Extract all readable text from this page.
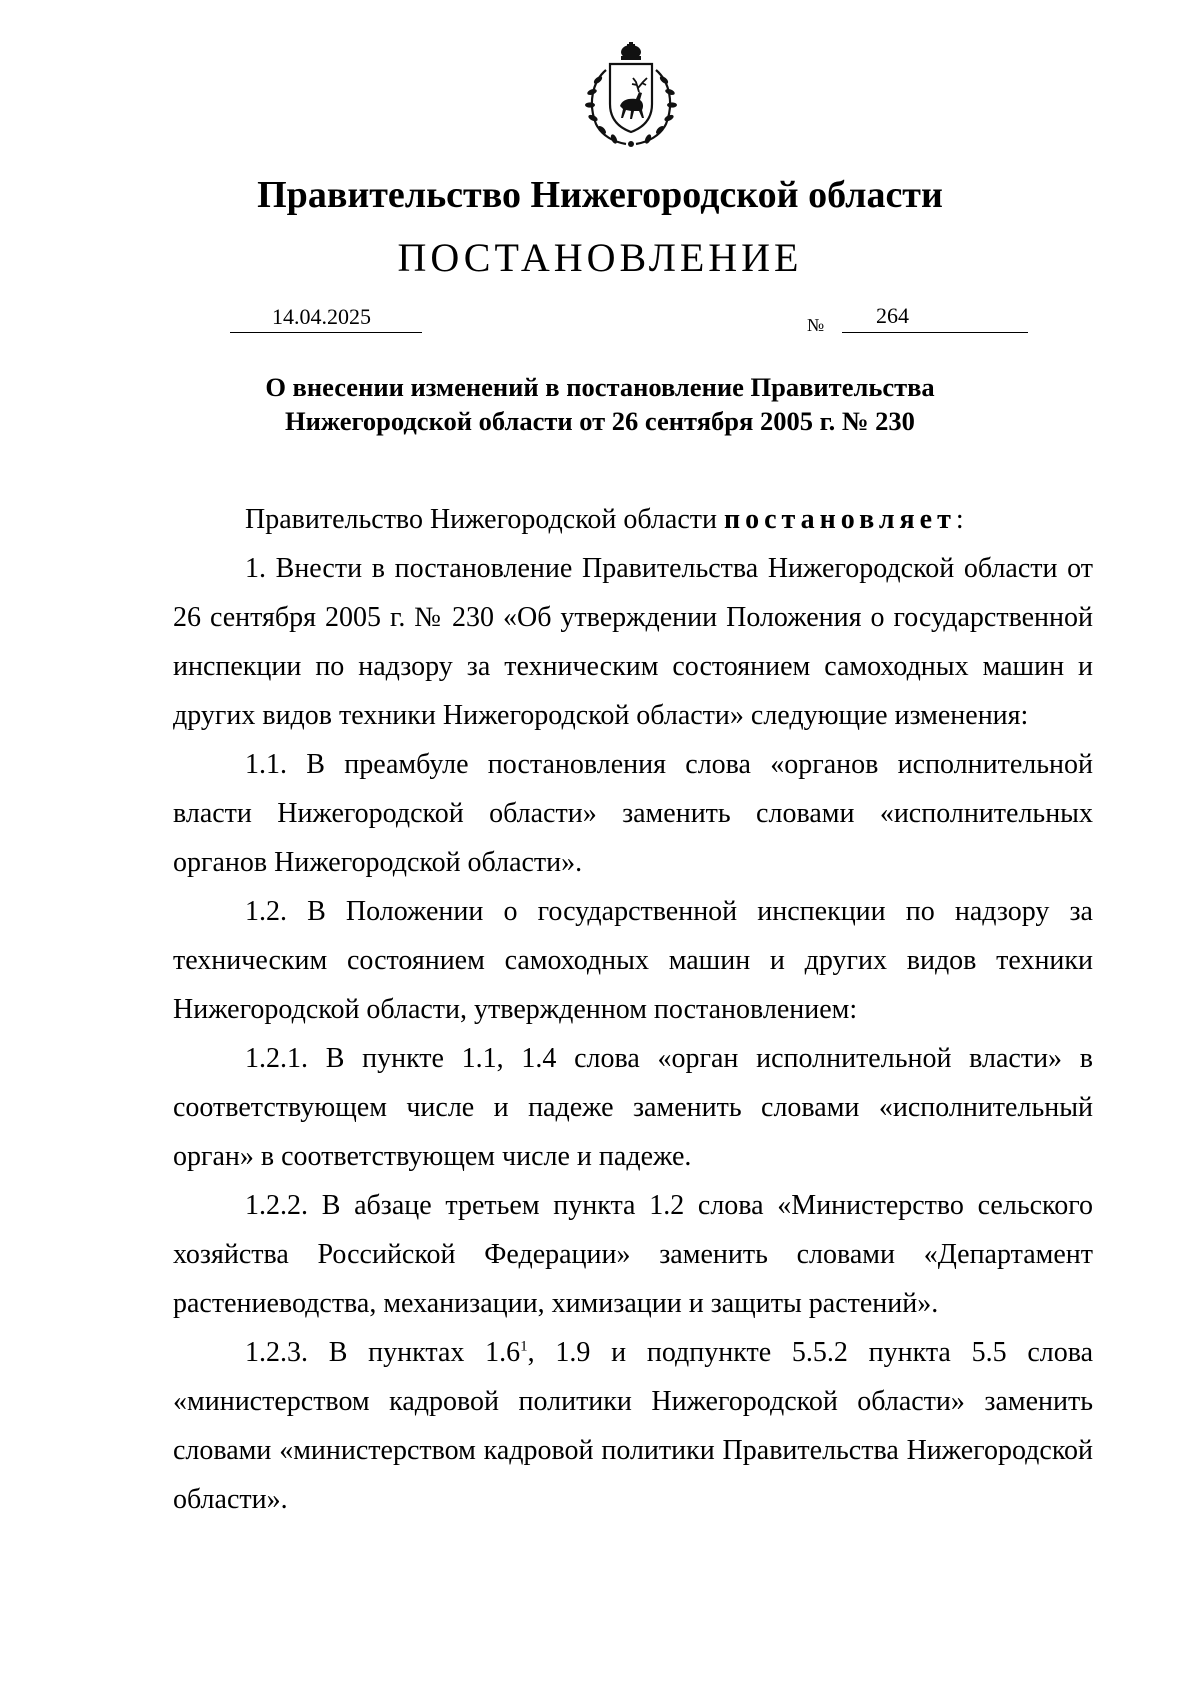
Правительство Нижегородской области
ПОСТАНОВЛЕНИЕ
14.04.2025	№ 264
О внесении изменений в постановление Правительства
Нижегородской области от 26 сентября 2005 г. № 230

Правительство Нижегородской области постановляет:

1. Внести в постановление Правительства Нижегородской области от 26 сентября 2005 г. № 230 «Об утверждении Положения о государственной инспекции по надзору за техническим состоянием самоходных машин и других видов техники Нижегородской области» следующие изменения:

1.1. В преамбуле постановления слова «органов исполнительной власти Нижегородской области» заменить словами «исполнительных органов Нижегородской области».

1.2. В Положении о государственной инспекции по надзору за техническим состоянием самоходных машин и других видов техники Нижегородской области, утвержденном постановлением:

1.2.1. В пункте 1.1, 1.4 слова «орган исполнительной власти» в соответствующем числе и падеже заменить словами «исполнительный орган» в соответствующем числе и падеже.

1.2.2. В абзаце третьем пункта 1.2 слова «Министерство сельского хозяйства Российской Федерации» заменить словами «Департамент растениеводства, механизации, химизации и защиты растений».

1.2.3. В пунктах $1.6^1$, 1.9 и подпункте 5.5.2 пункта 5.5 слова «министерством кадровой политики Нижегородской области» заменить словами «министерством кадровой политики Правительства Нижегородской области».
